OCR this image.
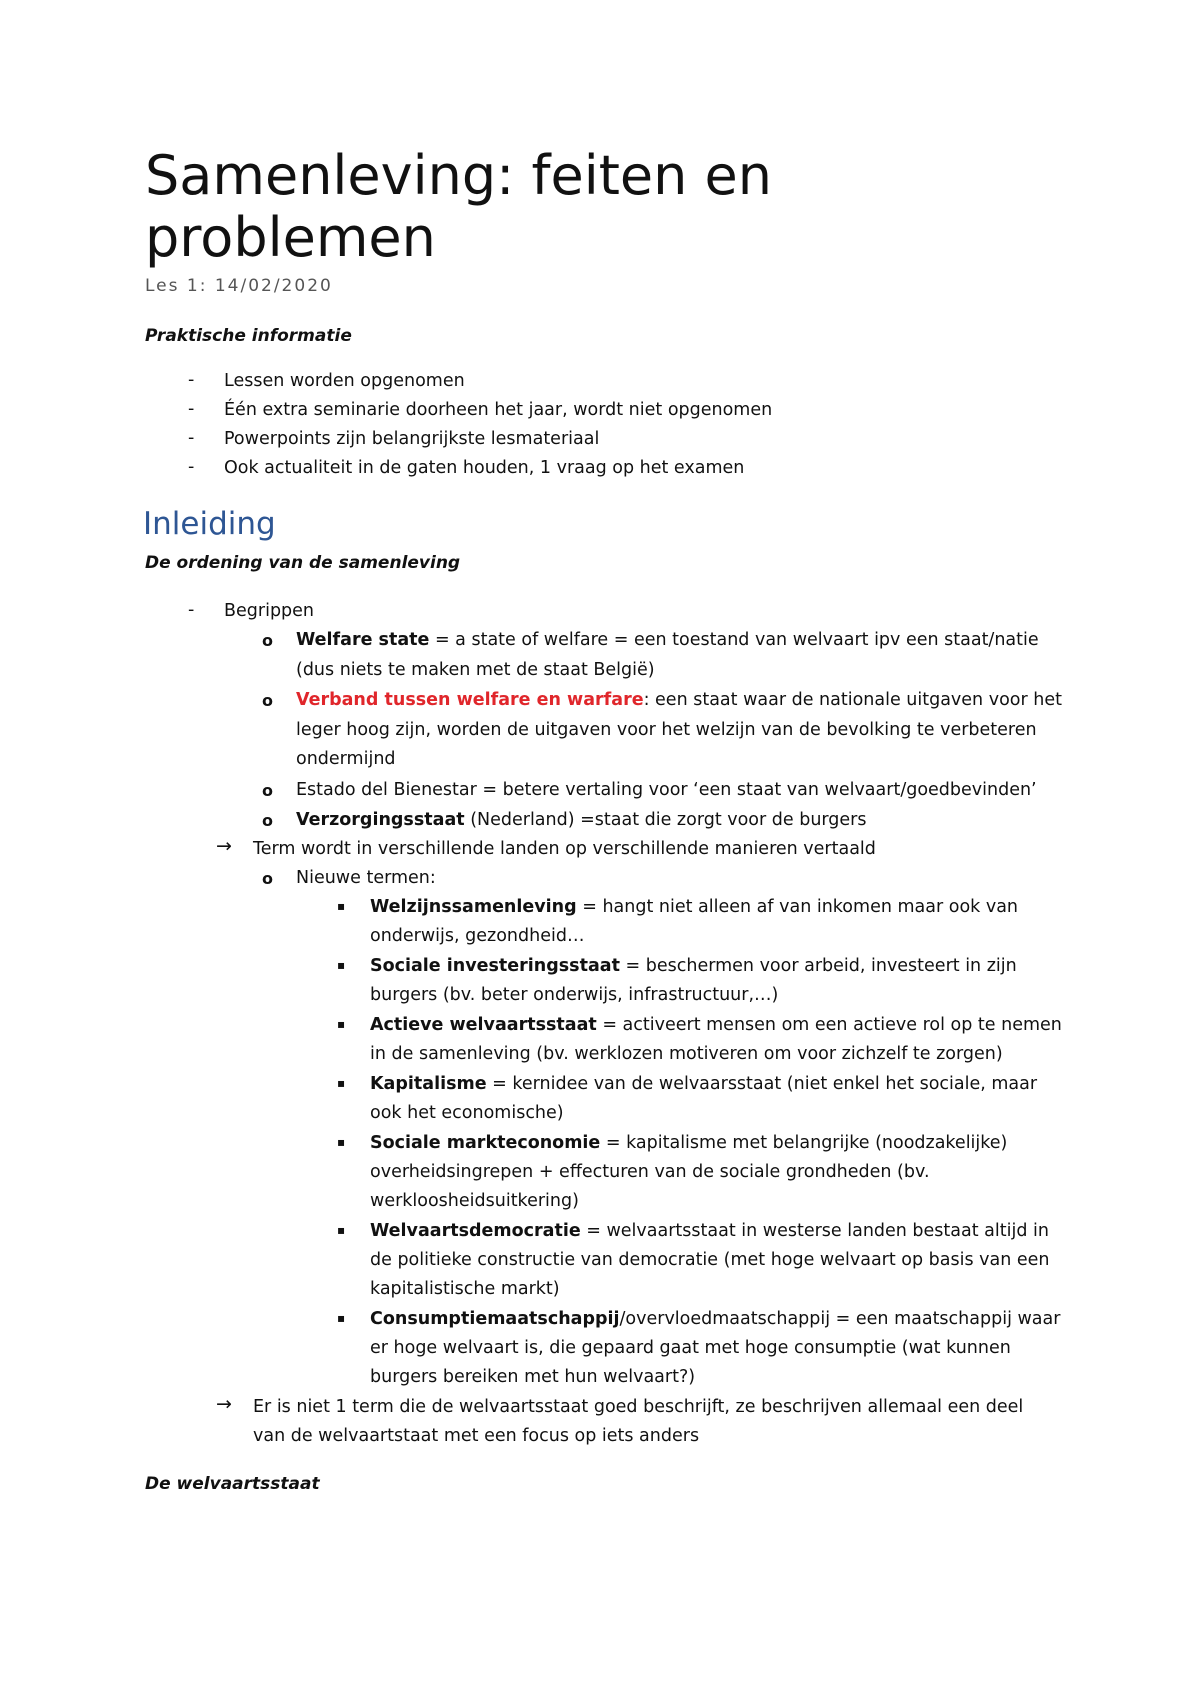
Samenleving: feiten en
problemen
Les 1: 14/02/2020
Praktische informatie
- Lessen worden opgenomen
- Één extra seminarie doorheen het jaar, wordt niet opgenomen
- Powerpoints zijn belangrijkste lesmateriaal
- Ook actualiteit in de gaten houden, 1 vraag op het examen
Inleiding
De ordening van de samenleving
- Begrippen
o Welfare state = a state of welfare = een toestand van welvaart ipv een staat/natie
(dus niets te maken met de staat België)
o Verband tussen welfare en warfare: een staat waar de nationale uitgaven voor het
leger hoog zijn, worden de uitgaven voor het welzijn van de bevolking te verbeteren
ondermijnd
o Estado del Bienestar = betere vertaling voor ‘een staat van welvaart/goedbevinden’
o Verzorgingsstaat (Nederland) =staat die zorgt voor de burgers
→ Term wordt in verschillende landen op verschillende manieren vertaald
o Nieuwe termen:
▪ Welzijnssamenleving = hangt niet alleen af van inkomen maar ook van
onderwijs, gezondheid…
▪ Sociale investeringsstaat = beschermen voor arbeid, investeert in zijn
burgers (bv. beter onderwijs, infrastructuur,…)
▪ Actieve welvaartsstaat = activeert mensen om een actieve rol op te nemen
in de samenleving (bv. werklozen motiveren om voor zichzelf te zorgen)
▪ Kapitalisme = kernidee van de welvaarsstaat (niet enkel het sociale, maar
ook het economische)
▪ Sociale markteconomie = kapitalisme met belangrijke (noodzakelijke)
overheidsingrepen + effecturen van de sociale grondheden (bv.
werkloosheidsuitkering)
▪ Welvaartsdemocratie = welvaartsstaat in westerse landen bestaat altijd in
de politieke constructie van democratie (met hoge welvaart op basis van een
kapitalistische markt)
▪ Consumptiemaatschappij/overvloedmaatschappij = een maatschappij waar
er hoge welvaart is, die gepaard gaat met hoge consumptie (wat kunnen
burgers bereiken met hun welvaart?)
→ Er is niet 1 term die de welvaartsstaat goed beschrijft, ze beschrijven allemaal een deel
van de welvaartstaat met een focus op iets anders
De welvaartsstaat
